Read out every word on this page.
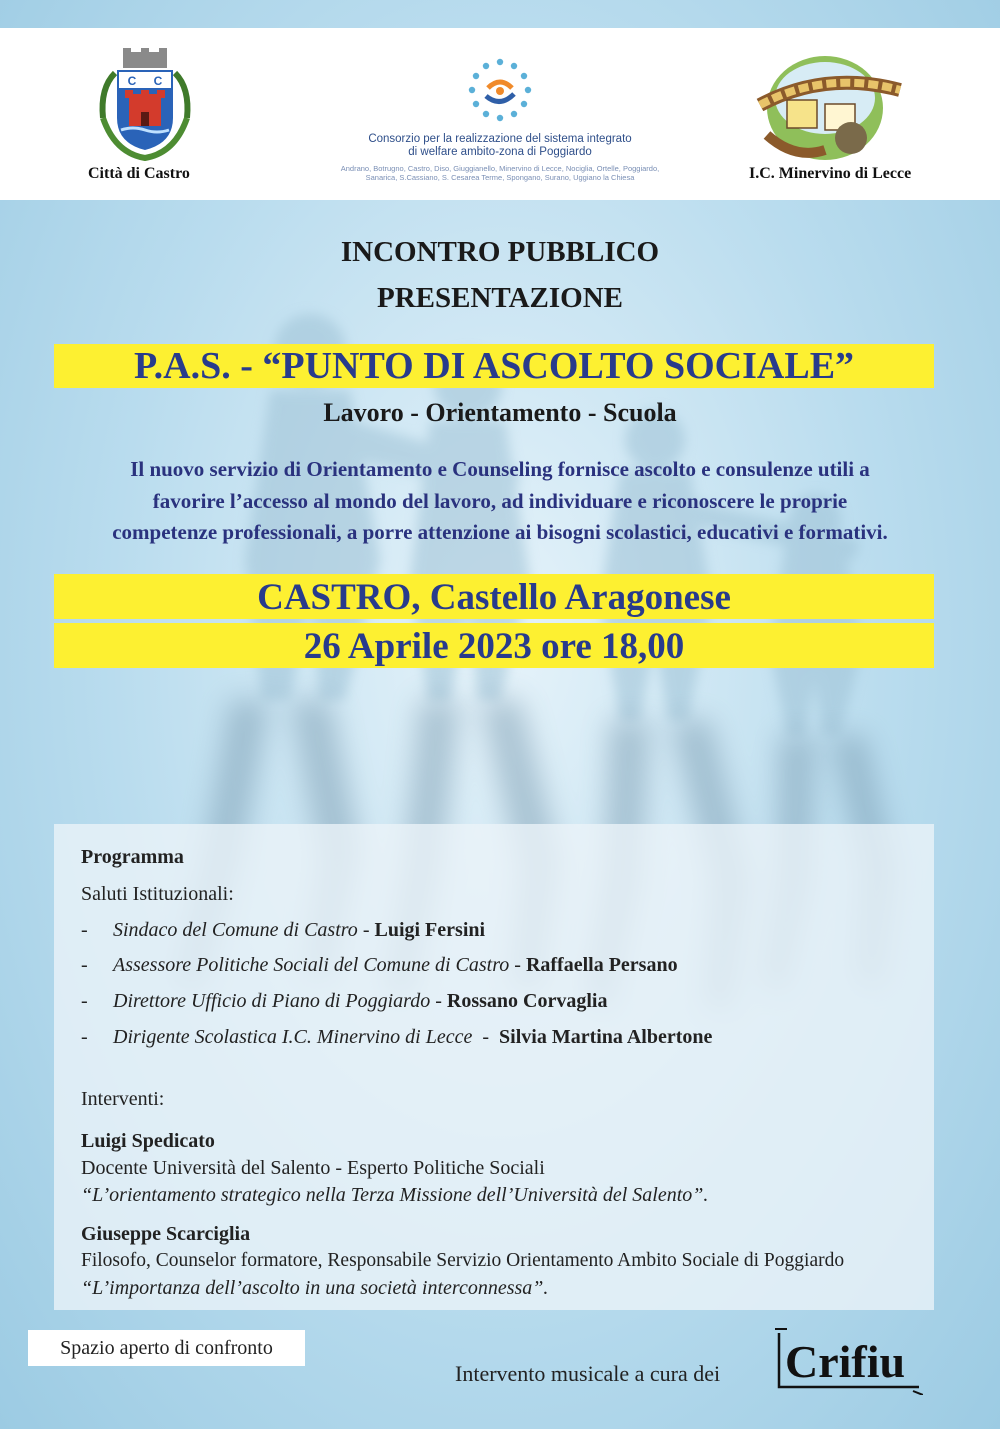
C C
Città di Castro
Consorzio per la realizzazione del sistema integrato
di welfare ambito-zona di Poggiardo
Andrano, Botrugno, Castro, Diso, Giuggianello, Minervino di Lecce, Nociglia, Ortelle, Poggiardo,
Sanarica, S.Cassiano, S. Cesarea Terme, Spongano, Surano, Uggiano la Chiesa	I.C. Minervino di Lecce
INCONTRO PUBBLICO
PRESENTAZIONE
P.A.S. - “PUNTO DI ASCOLTO SOCIALE”
Lavoro - Orientamento - Scuola
Il nuovo servizio di Orientamento e Counseling fornisce ascolto e consulenze utili a
favorire l’accesso al mondo del lavoro, ad individuare e riconoscere le proprie
competenze professionali, a porre attenzione ai bisogni scolastici, educativi e formativi.
CASTRO, Castello Aragonese
26 Aprile 2023 ore 18,00
Programma
Saluti Istituzionali:
- Sindaco del Comune di Castro - Luigi Fersini
- Assessore Politiche Sociali del Comune di Castro - Raffaella Persano
- Direttore Ufficio di Piano di Poggiardo - Rossano Corvaglia
- Dirigente Scolastica I.C. Minervino di Lecce  -  Silvia Martina Albertone
Interventi:
Luigi Spedicato
Docente Università del Salento - Esperto Politiche Sociali
“L’orientamento strategico nella Terza Missione dell’Università del Salento”.
Giuseppe Scarciglia
Filosofo, Counselor formatore, Responsabile Servizio Orientamento Ambito Sociale di Poggiardo
“L’importanza dell’ascolto in una società interconnessa”.
Spazio aperto di confronto
Intervento musicale a cura dei Crifiu
